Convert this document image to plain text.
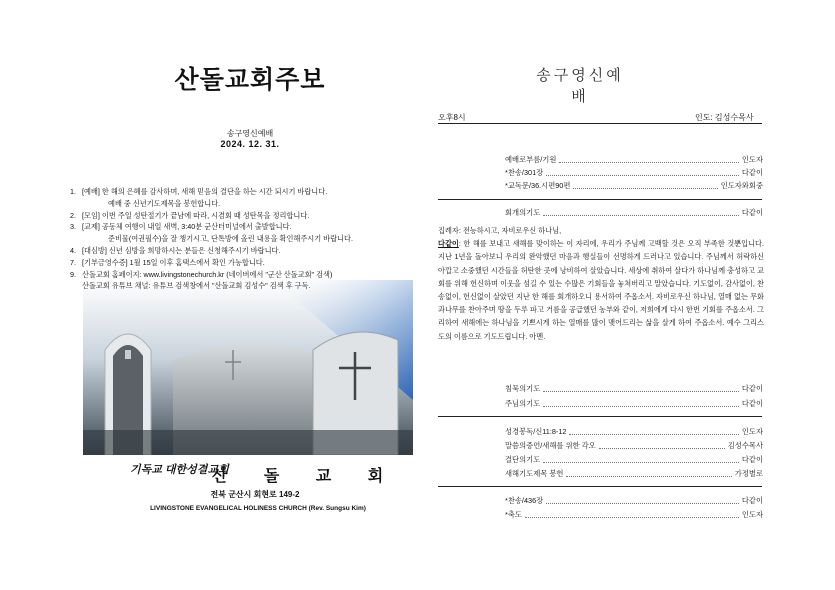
산돌교회주보
송구영신예배
2024. 12. 31.
1. [예배] 한 해의 은혜를 감사하며, 새해 믿음의 결단을 하는 시간 되시기 바랍니다.
예배 중 신년기도제목을 봉헌합니다.
2. [모임] 이번 주일 성탄절기가 끝남에 따라, 시겸회 때 성탄목을 정리합니다.
3. [교제] 공동체 여행이 내일 새벽, 3:40분 군산터미널에서 출발합니다.
준비물(여권필수)을 잘 챙기시고, 단톡방에 올린 내용을 확인해주시기 바랍니다.
4. [대심방] 신년 심방을 희망하시는 분들은 신청해주시기 바랍니다.
7. [기부금영수증] 1월 15일 이후 홈택스에서 확인 가능합니다.
9. 산돌교회 홈페이지: www.livingstonechurch.kr (네이버에서 "군산 산돌교회" 검색)
산돌교회 유튜브 채널: 유튜브 검색창에서 "산돌교회 김성수" 검색 후 구독.
기독교 대한성결교회
산 돌 교 회
전북 군산시 회현로 149-2
LIVINGSTONE EVANGELICAL HOLINESS CHURCH (Rev. Sungsu Kim)
송구영신예배
오후8시	인도: 김성수목사
예배로부름/기원	인도자
*찬송/301장	다같이
*교독문/36.시편90편	인도자와회중
회개의기도	다같이

집례자: 전능하시고, 자비로우신 하나님,
다같이: 한 해를 보내고 새해를 맞이하는 이 자리에, 우리가 주님께 고백할 것은 오직 부족한 것뿐입니다. 지난 1년을 돌아보니 우리의 완악했던 마음과 행실들이 선명하게 드러나고 있습니다. 주님께서 허락하신 아깝고 소중했던 시간들을 허탄한 곳에 낭비하여 살았습니다. 세상에 취하여 살다가 하나님께 충성하고 교회를 위해 헌신하며 이웃을 섬길 수 있는 수많은 기회들을 놓쳐버리고 말았습니다. 기도없이, 감사없이, 찬송없이, 헌신없이 살았던 지난 한 해를 회개하오니 용서하여 주옵소서. 자비로우신 하나님, 열매 없는 무화과나무를 찬아주며 땅을 두루 파고 거름을 공급했던 농부와 같이, 저희에게 다시 한번 기회를 주옵소서. 그리하여 새해에는 하나님을 기쁘시게 하는 열매를 많이 맺어드리는 삶을 살게 하여 주옵소서. 예수 그리스도의 이름으로 기도드립니다. 아멘.

침묵의기도	다같이
주님의기도	다같이
성경봉독/신11:8-12	인도자
말씀의증언/새해를 위한 각오	김성수목사
결단의기도	다같이
새해기도제목 봉헌	가정별로
*찬송/436장	다같이
*축도	인도자
